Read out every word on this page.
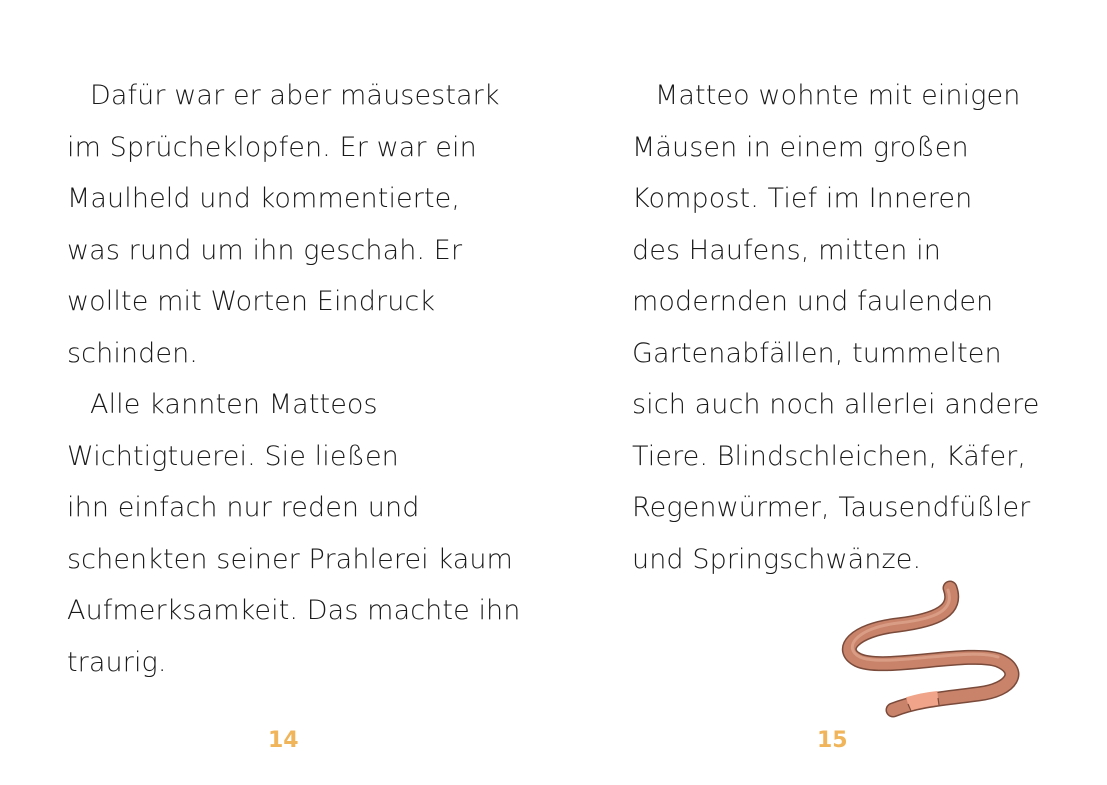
Dafür war er aber mäusestark
im Sprücheklopfen. Er war ein
Maulheld und kommentierte,
was rund um ihn geschah. Er
wollte mit Worten Eindruck
schinden.
Alle kannten Matteos
Wichtigtuerei. Sie ließen
ihn einfach nur reden und
schenkten seiner Prahlerei kaum
Aufmerksamkeit. Das machte ihn
traurig.
14
Matteo wohnte mit einigen
Mäusen in einem großen
Kompost. Tief im Inneren
des Haufens, mitten in
modernden und faulenden
Gartenabfällen, tummelten
sich auch noch allerlei andere
Tiere. Blindschleichen, Käfer,
Regenwürmer, Tausendfüßler
und Springschwänze.
15
